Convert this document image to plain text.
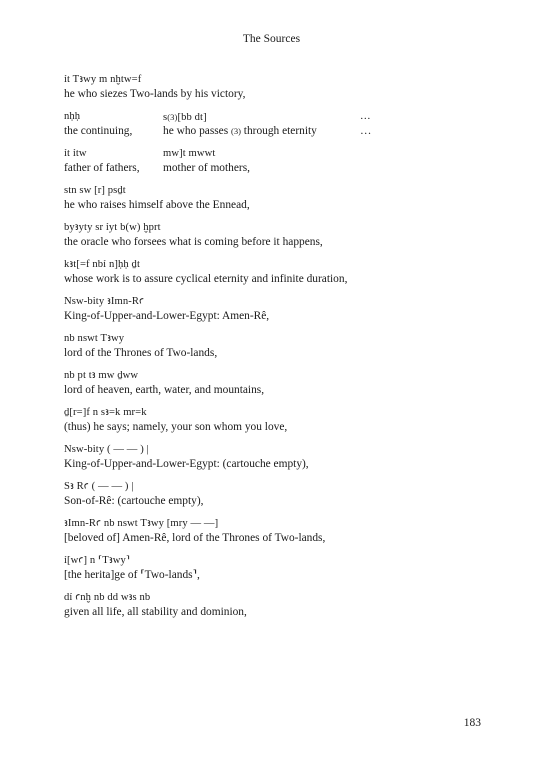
The Sources

ỉt Tꜣwy m nḫtw=f

he who siezes Two-lands by his victory,

nḥḥ	s(3)[bb dt]	…
the continuing,	he who passes (3) through eternity	…
ỉt ỉtw	mw]t mwwt
father of fathers, mother of mothers,

stn sw [r] psḏt

he who raises himself above the Ennead,

byꜣyty sr ỉyt b(w) ḫprt

the oracle who forsees what is coming before it happens,

kꜣt[=f nbỉ n]ḥḥ ḏt

whose work is to assure cyclical eternity and infinite duration,

Nsw-bity ꜣImn-Rꜥ

King-of-Upper-and-Lower-Egypt: Amen-Rê,

nb nswt Tꜣwy

lord of the Thrones of Two-lands,

nb pt tꜣ mw ḏww

lord of heaven, earth, water, and mountains,

ḏ[r=]f n sꜣ=k mr=k

(thus) he says; namely, your son whom you love,

Nsw-bity ( — — ) |

King-of-Upper-and-Lower-Egypt: (cartouche empty),

Sꜣ Rꜥ ( — — ) |

Son-of-Rê: (cartouche empty),

ꜣImn-Rꜥ nb nswt Tꜣwy [mry — —]

[beloved of] Amen-Rê, lord of the Thrones of Two-lands,

ỉ[wꜥ] n ⸢Tꜣwy⸣

[the herita]ge of ⸢Two-lands⸣,

dỉ ꜥnḫ nb dd wꜣs nb

given all life, all stability and dominion,

183
